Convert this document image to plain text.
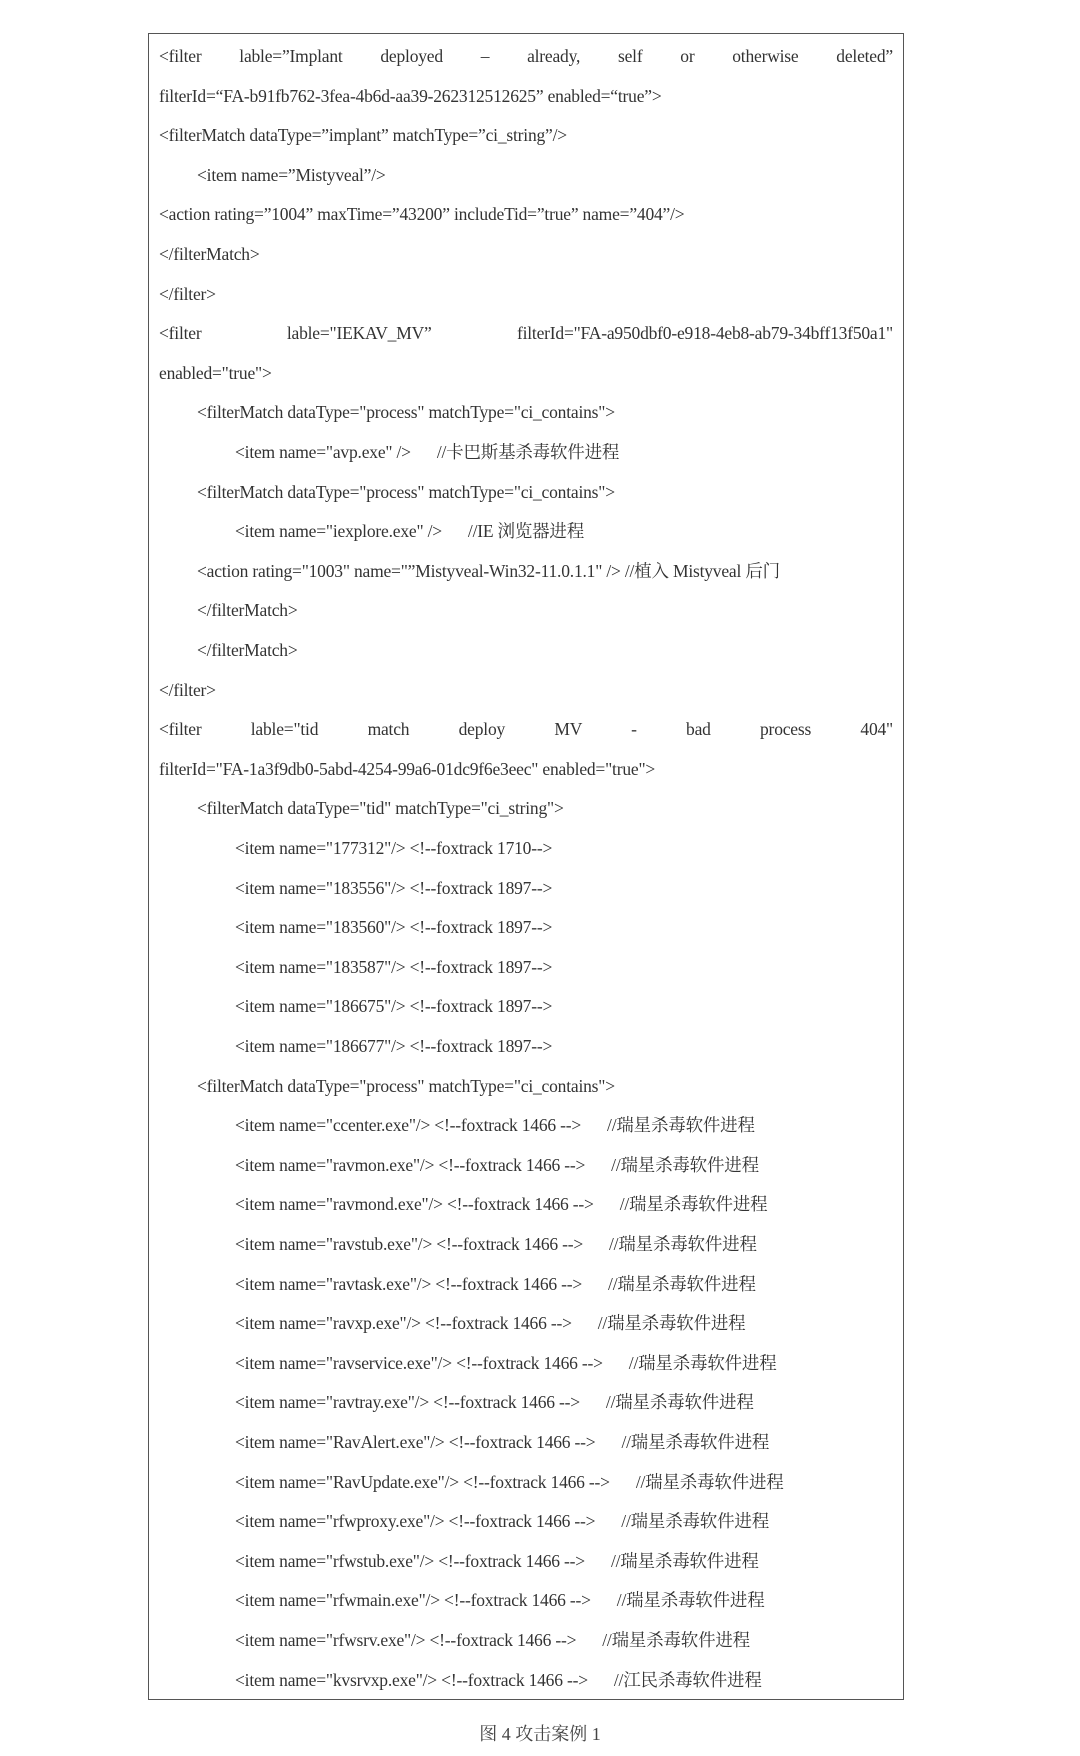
<filter lable=”Implant deployed – already, self or otherwise deleted”
filterId=“FA-b91fb762-3fea-4b6d-aa39-262312512625” enabled=“true”>
<filterMatch dataType=”implant” matchType=”ci_string”/>
<item name=”Mistyveal”/>
<action rating=”1004” maxTime=”43200” includeTid=”true” name=”404”/>
</filterMatch>
</filter>
<filter lable="IEKAV_MV” filterId="FA-a950dbf0-e918-4eb8-ab79-34bff13f50a1"
enabled="true">
<filterMatch dataType="process" matchType="ci_contains">
<item name="avp.exe" /> //卡巴斯基杀毒软件进程
<filterMatch dataType="process" matchType="ci_contains">
<item name="iexplore.exe" /> //IE 浏览器进程
<action rating="1003" name="”Mistyveal-Win32-11.0.1.1" /> //植入 Mistyveal 后门
</filterMatch>
</filterMatch>
</filter>
<filter lable="tid match deploy MV - bad process 404"
filterId="FA-1a3f9db0-5abd-4254-99a6-01dc9f6e3eec" enabled="true">
<filterMatch dataType="tid" matchType="ci_string">
<item name="177312"/> <!--foxtrack 1710-->
<item name="183556"/> <!--foxtrack 1897-->
<item name="183560"/> <!--foxtrack 1897-->
<item name="183587"/> <!--foxtrack 1897-->
<item name="186675"/> <!--foxtrack 1897-->
<item name="186677"/> <!--foxtrack 1897-->
<filterMatch dataType="process" matchType="ci_contains">
<item name="ccenter.exe"/> <!--foxtrack 1466 --> //瑞星杀毒软件进程
<item name="ravmon.exe"/> <!--foxtrack 1466 --> //瑞星杀毒软件进程
<item name="ravmond.exe"/> <!--foxtrack 1466 --> //瑞星杀毒软件进程
<item name="ravstub.exe"/> <!--foxtrack 1466 --> //瑞星杀毒软件进程
<item name="ravtask.exe"/> <!--foxtrack 1466 --> //瑞星杀毒软件进程
<item name="ravxp.exe"/> <!--foxtrack 1466 --> //瑞星杀毒软件进程
<item name="ravservice.exe"/> <!--foxtrack 1466 --> //瑞星杀毒软件进程
<item name="ravtray.exe"/> <!--foxtrack 1466 --> //瑞星杀毒软件进程
<item name="RavAlert.exe"/> <!--foxtrack 1466 --> //瑞星杀毒软件进程
<item name="RavUpdate.exe"/> <!--foxtrack 1466 --> //瑞星杀毒软件进程
<item name="rfwproxy.exe"/> <!--foxtrack 1466 --> //瑞星杀毒软件进程
<item name="rfwstub.exe"/> <!--foxtrack 1466 --> //瑞星杀毒软件进程
<item name="rfwmain.exe"/> <!--foxtrack 1466 --> //瑞星杀毒软件进程
<item name="rfwsrv.exe"/> <!--foxtrack 1466 --> //瑞星杀毒软件进程
<item name="kvsrvxp.exe"/> <!--foxtrack 1466 --> //江民杀毒软件进程
图 4 攻击案例 1
